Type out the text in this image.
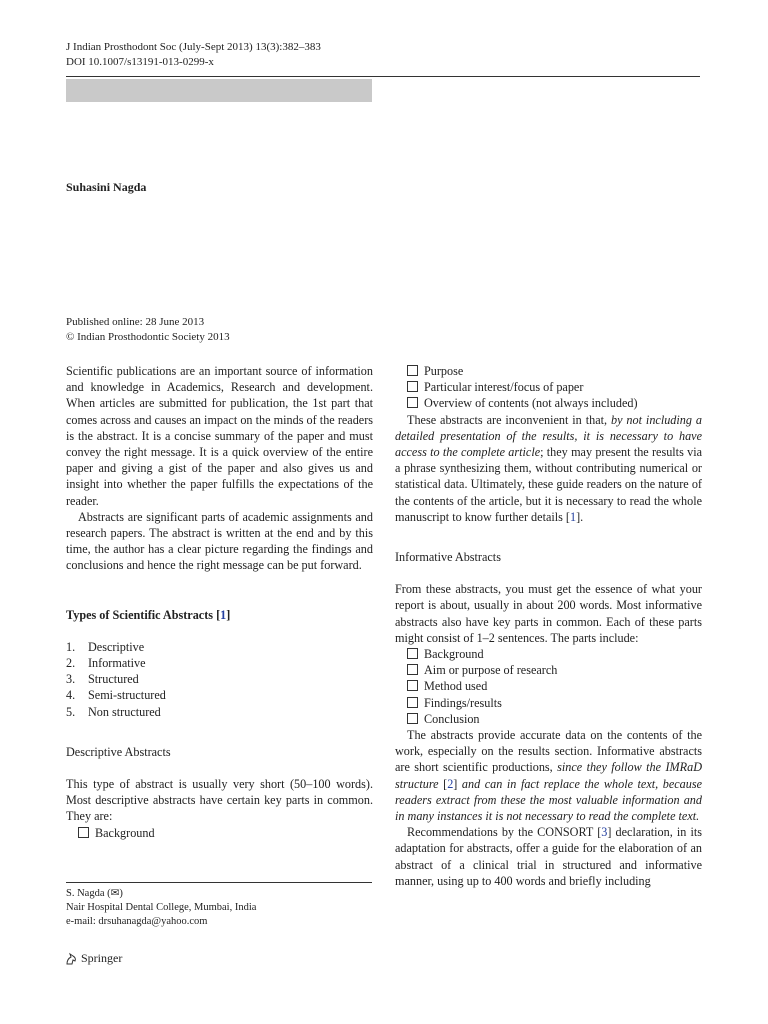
J Indian Prosthodont Soc (July-Sept 2013) 13(3):382–383
DOI 10.1007/s13191-013-0299-x
Suhasini Nagda
Published online: 28 June 2013
© Indian Prosthodontic Society 2013

Scientific publications are an important source of information and knowledge in Academics, Research and development. When articles are submitted for publication, the 1st part that comes across and causes an impact on the minds of the readers is the abstract. It is a concise summary of the paper and must convey the right message. It is a quick overview of the entire paper and giving a gist of the paper and also gives us and insight into whether the paper fulfills the expectations of the reader.

Abstracts are significant parts of academic assignments and research papers. The abstract is written at the end and by this time, the author has a clear picture regarding the findings and conclusions and hence the right message can be put forward.

Types of Scientific Abstracts [1]

1.	Descriptive
2.	Informative
3.	Structured
4.	Semi-structured
5.	Non structured

Descriptive Abstracts

This type of abstract is usually very short (50–100 words). Most descriptive abstracts have certain key parts in common. They are:

Background
Purpose
Particular interest/focus of paper
Overview of contents (not always included)

These abstracts are inconvenient in that, by not including a detailed presentation of the results, it is necessary to have access to the complete article; they may present the results via a phrase synthesizing them, without contributing numerical or statistical data. Ultimately, these guide readers on the nature of the contents of the article, but it is necessary to read the whole manuscript to know further details [1].

Informative Abstracts

From these abstracts, you must get the essence of what your report is about, usually in about 200 words. Most informative abstracts also have key parts in common. Each of these parts might consist of 1–2 sentences. The parts include:

Background
Aim or purpose of research
Method used
Findings/results
Conclusion

The abstracts provide accurate data on the contents of the work, especially on the results section. Informative abstracts are short scientific productions, since they follow the IMRaD structure [2] and can in fact replace the whole text, because readers extract from these the most valuable information and in many instances it is not necessary to read the complete text.

Recommendations by the CONSORT [3] declaration, in its adaptation for abstracts, offer a guide for the elaboration of an abstract of a clinical trial in structured and informative manner, using up to 400 words and briefly including

S. Nagda (✉)
Nair Hospital Dental College, Mumbai, India
e-mail: drsuhanagda@yahoo.com
Springer
